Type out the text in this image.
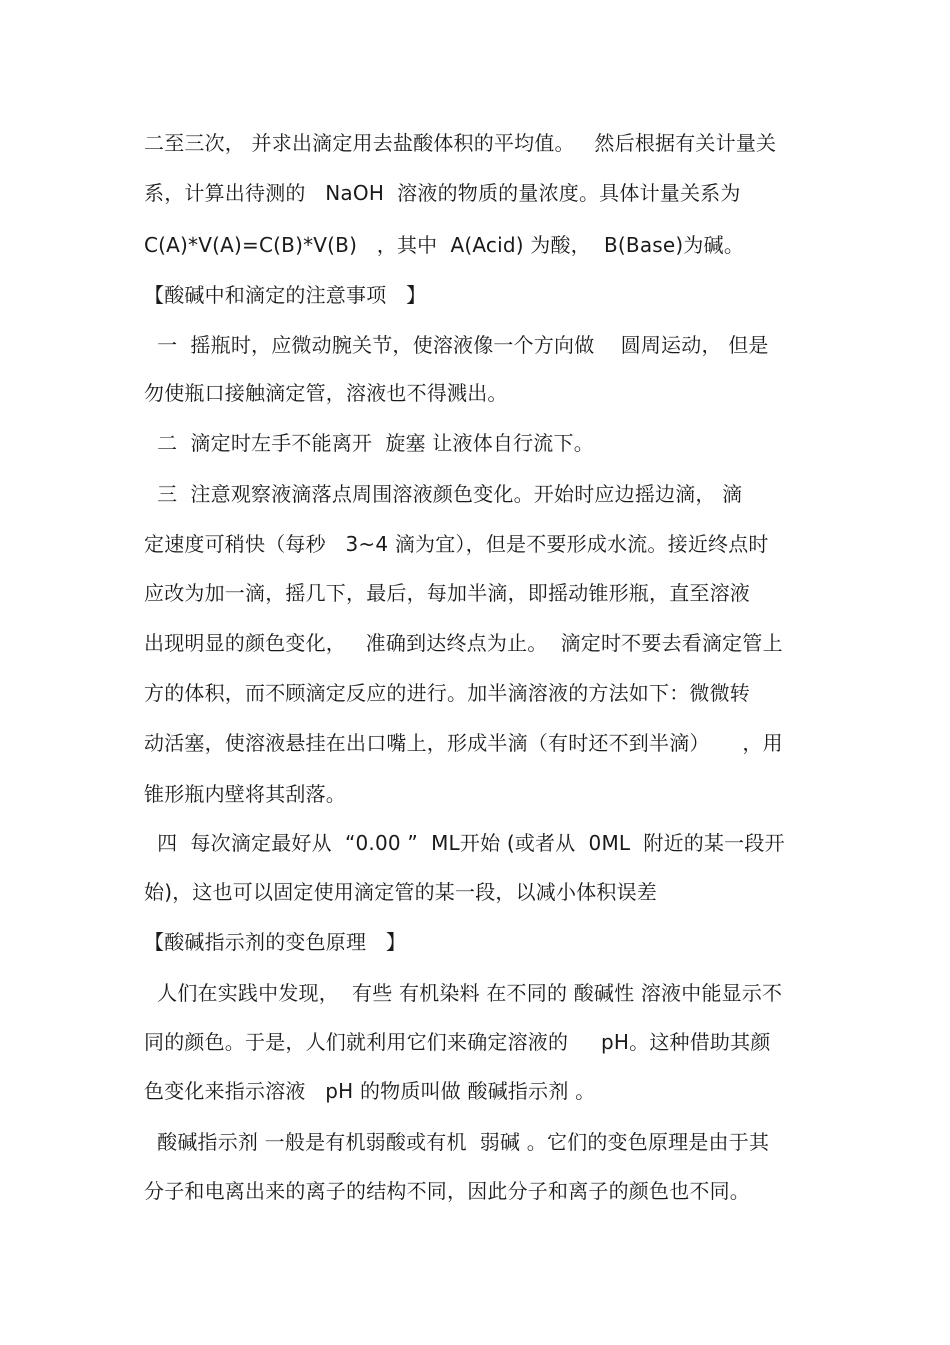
二至三次， 并求出滴定用去盐酸体积的平均值。   然后根据有关计量关
系，计算出待测的   NaOH  溶液的物质的量浓度。具体计量关系为
C(A)*V(A)=C(B)*V(B)   ，其中  A(Acid) 为酸，  B(Base)为碱。
【酸碱中和滴定的注意事项   】
一  摇瓶时，应微动腕关节，使溶液像一个方向做    圆周运动， 但是
勿使瓶口接触滴定管，溶液也不得溅出。
二  滴定时左手不能离开  旋塞 让液体自行流下。
三  注意观察液滴落点周围溶液颜色变化。开始时应边摇边滴， 滴
定速度可稍快（每秒   3~4 滴为宜），但是不要形成水流。接近终点时
应改为加一滴，摇几下，最后，每加半滴，即摇动锥形瓶，直至溶液
出现明显的颜色变化，   准确到达终点为止。  滴定时不要去看滴定管上
方的体积，而不顾滴定反应的进行。加半滴溶液的方法如下：微微转
动活塞，使溶液悬挂在出口嘴上，形成半滴（有时还不到半滴）     ，用
锥形瓶内壁将其刮落。
四  每次滴定最好从  “0.00 ”  ML开始 (或者从  0ML  附近的某一段开
始)，这也可以固定使用滴定管的某一段，以减小体积误差
【酸碱指示剂的变色原理   】
人们在实践中发现，  有些 有机染料 在不同的 酸碱性 溶液中能显示不
同的颜色。于是，人们就利用它们来确定溶液的     pH。这种借助其颜
色变化来指示溶液   pH 的物质叫做 酸碱指示剂 。
酸碱指示剂 一般是有机弱酸或有机  弱碱 。它们的变色原理是由于其
分子和电离出来的离子的结构不同，因此分子和离子的颜色也不同。
